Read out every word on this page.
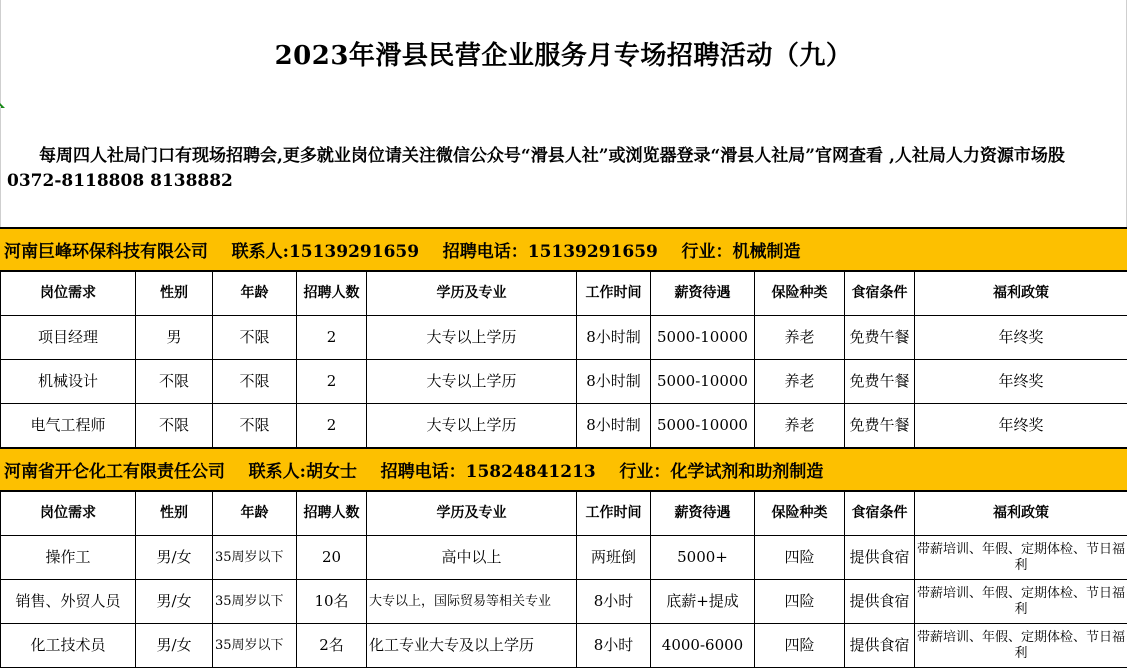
2023年滑县民营企业服务月专场招聘活动（九）
每周四人社局门口有现场招聘会,更多就业岗位请关注微信公众号“滑县人社”或浏览器登录“滑县人社局”官网查看 ,人社局人力资源市场股0372-8118808 8138882
河南巨峰环保科技有限公司    联系人:15139291659    招聘电话：15139291659    行业：机械制造
岗位需求	性别	年龄	招聘人数	学历及专业	工作时间	薪资待遇	保险种类	食宿条件	福利政策
项目经理	男	不限	2	大专以上学历	8小时制	5000-10000	养老	免费午餐	年终奖
机械设计	不限	不限	2	大专以上学历	8小时制	5000-10000	养老	免费午餐	年终奖
电气工程师	不限	不限	2	大专以上学历	8小时制	5000-10000	养老	免费午餐	年终奖
河南省开仑化工有限责任公司    联系人:胡女士    招聘电话：15824841213    行业：化学试剂和助剂制造
岗位需求	性别	年龄	招聘人数	学历及专业	工作时间	薪资待遇	保险种类	食宿条件	福利政策
操作工	男/女	35周岁以下	20	高中以上	两班倒	5000+	四险	提供食宿	带薪培训、年假、定期体检、节日福利
销售、外贸人员	男/女	35周岁以下	10名	大专以上，国际贸易等相关专业	8小时	底薪+提成	四险	提供食宿	带薪培训、年假、定期体检、节日福利
化工技术员	男/女	35周岁以下	2名	化工专业大专及以上学历	8小时	4000-6000	四险	提供食宿	带薪培训、年假、定期体检、节日福利
